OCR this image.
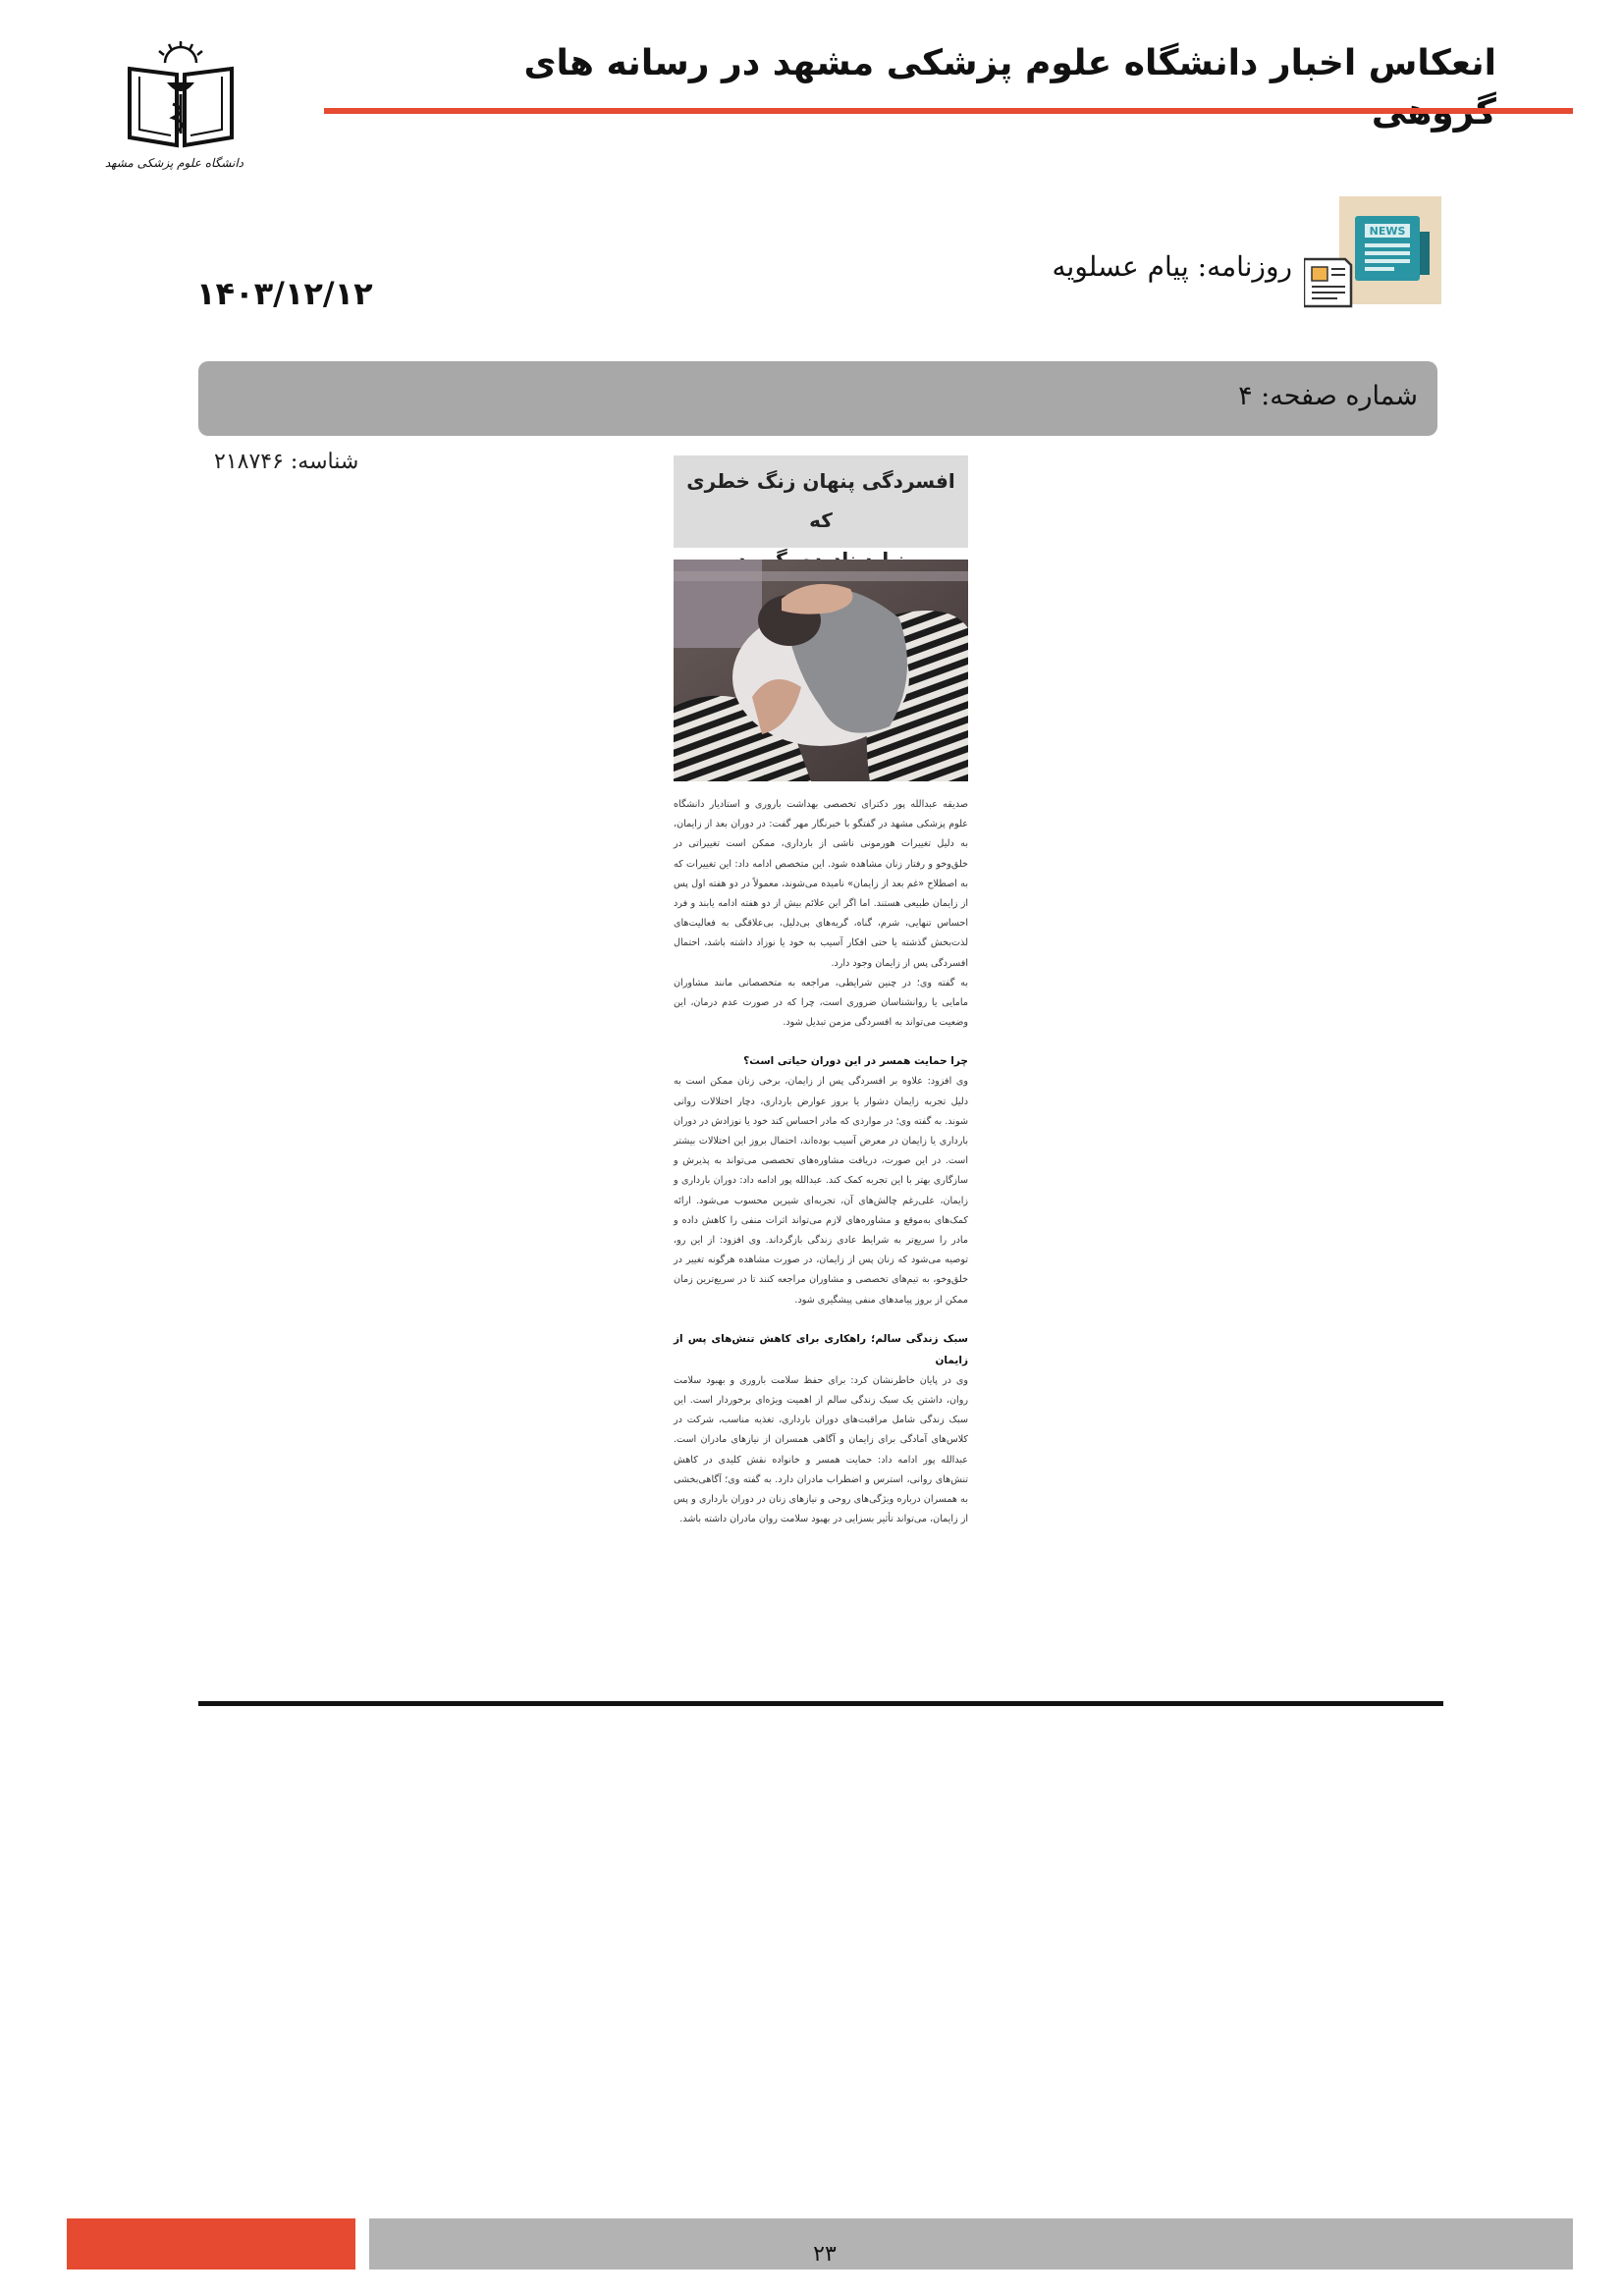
انعکاس اخبار دانشگاه علوم پزشکی مشهد در رسانه های
دانشگاه علوم پزشکی مشهد
NEWS
روزنامه: پیام عسلویه
۱۴۰۳/۱۲/۱۲
شماره صفحه: ۴
شناسه: ۲۱۸۷۴۶
افسردگی پنهان زنگ خطری که

صدیقه عبدالله پور دکترای تخصصی بهداشت باروری و استادیار دانشگاه علوم پزشکی مشهد در گفتگو با خبرنگار مهر گفت: در دوران بعد از زایمان، به دلیل تغییرات هورمونی ناشی از بارداری، ممکن است تغییراتی در خلق‌وخو و رفتار زنان مشاهده شود. این متخصص ادامه داد: این تغییرات که به اصطلاح «غم بعد از زایمان» نامیده می‌شوند، معمولاً در دو هفته اول پس از زایمان طبیعی هستند. اما اگر این علائم بیش از دو هفته ادامه یابند و فرد احساس تنهایی، شرم، گناه، گریه‌های بی‌دلیل، بی‌علاقگی به فعالیت‌های لذت‌بخش گذشته یا حتی افکار آسیب به خود یا نوزاد داشته باشد، احتمال افسردگی پس از زایمان وجود دارد.

به گفته وی؛ در چنین شرایطی، مراجعه به متخصصانی مانند مشاوران مامایی یا روانشناسان ضروری است، چرا که در صورت عدم درمان، این وضعیت می‌تواند به افسردگی مزمن تبدیل شود.

چرا حمایت همسر در این دوران حیاتی است؟

وی افزود: علاوه بر افسردگی پس از زایمان، برخی زنان ممکن است به دلیل تجربه زایمان دشوار یا بروز عوارض بارداری، دچار اختلالات روانی شوند. به گفته وی؛ در مواردی که مادر احساس کند خود یا نوزادش در دوران بارداری یا زایمان در معرض آسیب بوده‌اند، احتمال بروز این اختلالات بیشتر است. در این صورت، دریافت مشاوره‌های تخصصی می‌تواند به پذیرش و سازگاری بهتر با این تجربه کمک کند. عبدالله پور ادامه داد: دوران بارداری و زایمان، علی‌رغم چالش‌های آن، تجربه‌ای شیرین محسوب می‌شود. ارائه کمک‌های به‌موقع و مشاوره‌های لازم می‌تواند اثرات منفی را کاهش داده و مادر را سریع‌تر به شرایط عادی زندگی بازگرداند. وی افزود: از این رو، توصیه می‌شود که زنان پس از زایمان، در صورت مشاهده هرگونه تغییر در خلق‌وخو، به تیم‌های تخصصی و مشاوران مراجعه کنند تا در سریع‌ترین زمان ممکن از بروز پیامدهای منفی پیشگیری شود.

سبک زندگی سالم؛ راهکاری برای کاهش تنش‌های پس از زایمان

وی در پایان خاطرنشان کرد: برای حفظ سلامت باروری و بهبود سلامت روان، داشتن یک سبک زندگی سالم از اهمیت ویژه‌ای برخوردار است. این سبک زندگی شامل مراقبت‌های دوران بارداری، تغذیه مناسب، شرکت در کلاس‌های آمادگی برای زایمان و آگاهی همسران از نیازهای مادران است. عبدالله پور ادامه داد: حمایت همسر و خانواده نقش کلیدی در کاهش تنش‌های روانی، استرس و اضطراب مادران دارد. به گفته وی؛ آگاهی‌بخشی به همسران درباره ویژگی‌های روحی و نیازهای زنان در دوران بارداری و پس از زایمان، می‌تواند تأثیر بسزایی در بهبود سلامت روان مادران داشته باشد.

۲۳
